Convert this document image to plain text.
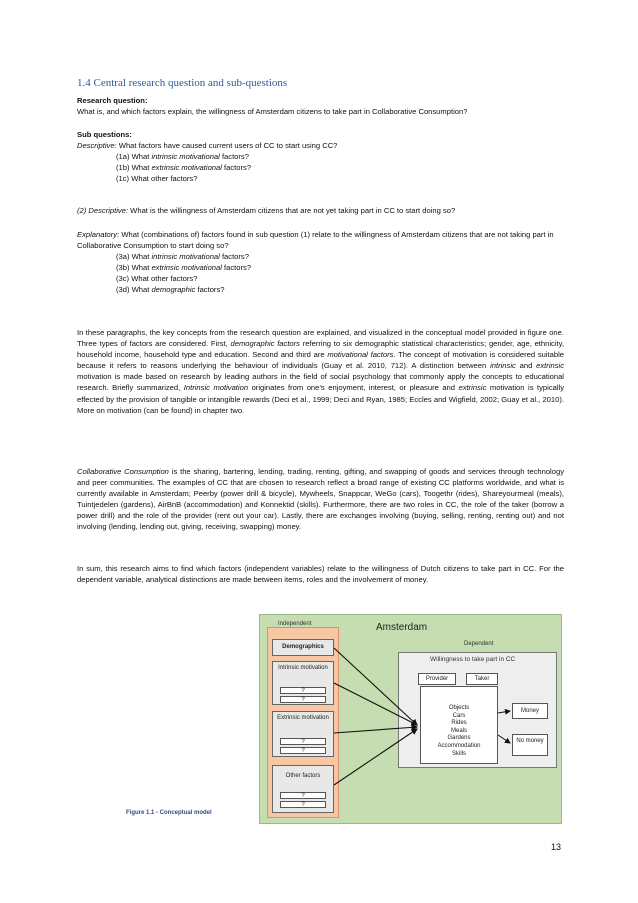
1.4 Central research question and sub-questions
Research question:
What is, and which factors explain, the willingness of Amsterdam citizens to take part in Collaborative Consumption?
Sub questions:
Descriptive: What factors have caused current users of CC to start using CC?
(1a) What intrinsic motivational factors?
(1b) What extrinsic motivational factors?
(1c) What other factors?
(2) Descriptive: What is the willingness of Amsterdam citizens that are not yet taking part in CC to start doing so?
Explanatory: What (combinations of) factors found in sub question (1) relate to the willingness of Amsterdam citizens that are not taking part in Collaborative Consumption to start doing so?
(3a) What intrinsic motivational factors?
(3b) What extrinsic motivational factors?
(3c) What other factors?
(3d) What demographic factors?
In these paragraphs, the key concepts from the research question are explained, and visualized in the conceptual model provided in figure one. Three types of factors are considered. First, demographic factors referring to six demographic statistical characteristics; gender, age, ethnicity, household income, household type and education. Second and third are motivational factors. The concept of motivation is considered suitable because it refers to reasons underlying the behaviour of individuals (Guay et al. 2010, 712). A distinction between intrinsic and extrinsic motivation is made based on research by leading authors in the field of social psychology that commonly apply the concepts to educational research. Briefly summarized, Intrinsic motivation originates from one’s enjoyment, interest, or pleasure and extrinsic motivation is typically effected by the provision of tangible or intangible rewards (Deci et al., 1999; Deci and Ryan, 1985; Eccles and Wigfield, 2002; Guay et al., 2010). More on motivation (can be found) in chapter two.
Collaborative Consumption is the sharing, bartering, lending, trading, renting, gifting, and swapping of goods and services through technology and peer communities. The examples of CC that are chosen to research reflect a broad range of existing CC platforms worldwide, and what is currently available in Amsterdam; Peerby (power drill & bicycle), Mywheels, Snappcar, WeGo (cars), Toogethr (rides), Shareyourmeal (meals), Tuintjedelen (gardens), AirBnB (accommodation) and Konnektid (skills). Furthermore, there are two roles in CC, the role of the taker (borrow a power drill) and the role of the provider (rent out your car). Lastly, there are exchanges involving (buying, selling, renting, renting out) and not involving (lending, lending out, giving, receiving, swapping) money.
In sum, this research aims to find which factors (independent variables) relate to the willingness of Dutch citizens to take part in CC. For the dependent variable, analytical distinctions are made between items, roles and the involvement of money.
Amsterdam
Independent
Demographics
Intrinsic motivation
?
?
Extrinsic motivation
?
?
Other factors
?
?
Dependent
Willingness to take part in CC
Provider	Taker
Objects
Cars
Rides
Meals
Gardens
Accommodation
Skills
Money
No money
Figure 1.1 - Conceptual model
13
